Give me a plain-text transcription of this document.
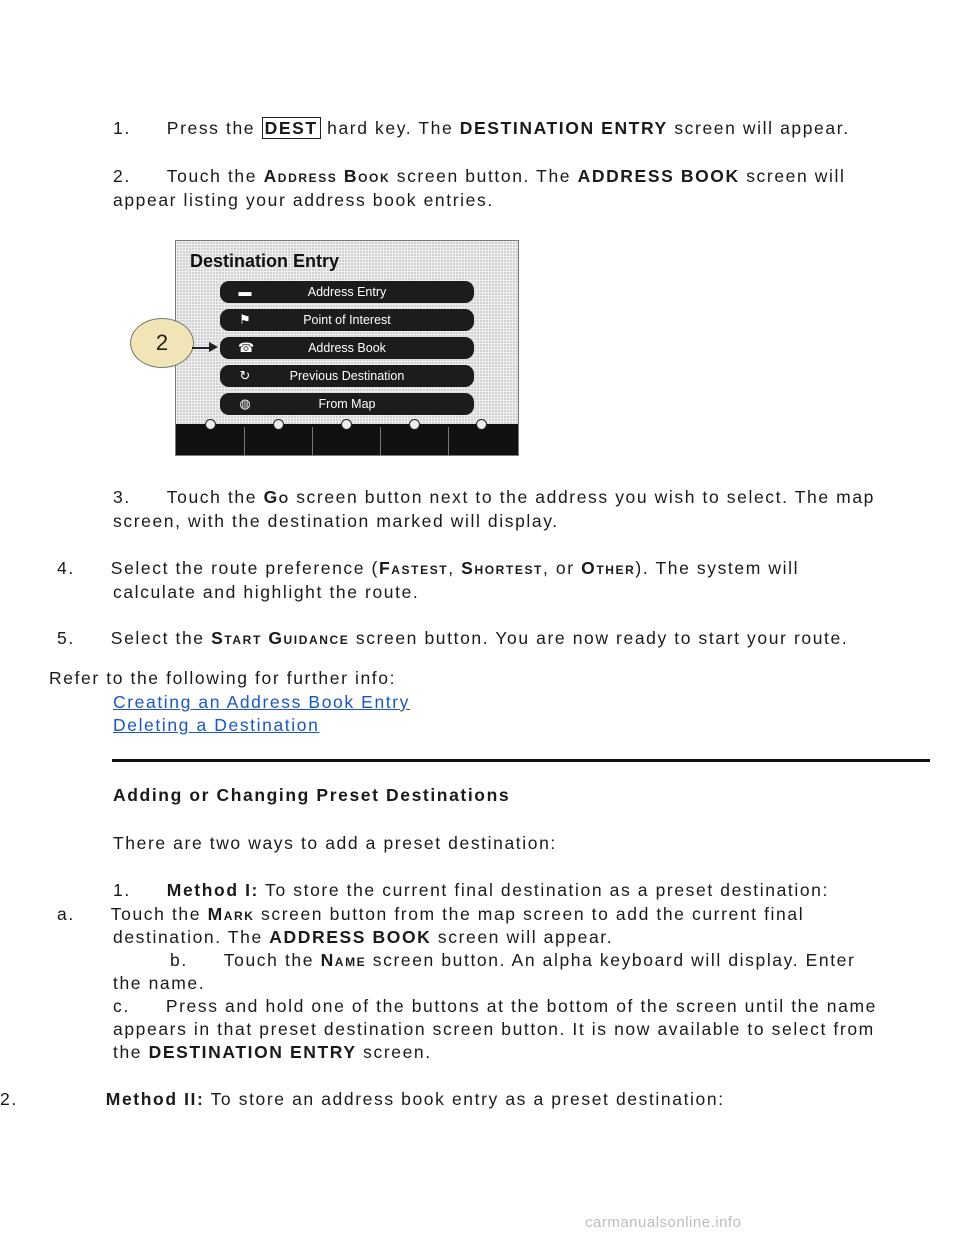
1. Press the DEST hard key. The DESTINATION ENTRY screen will appear.
2. Touch the Address Book screen button. The ADDRESS BOOK screen will
appear listing your address book entries.
Destination Entry
▬	Address Entry
⚑	Point of Interest
☎	Address Book
↻	Previous Destination
◍	From Map
2
3. Touch the Go screen button next to the address you wish to select. The map
screen, with the destination marked will display.
4. Select the route preference (Fastest, Shortest, or Other). The system will
calculate and highlight the route.
5. Select the Start Guidance screen button. You are now ready to start your route.
Refer to the following for further info:
Creating an Address Book Entry
Deleting a Destination
Adding or Changing Preset Destinations
There are two ways to add a preset destination:
1. Method I: To store the current final destination as a preset destination:
a. Touch the Mark screen button from the map screen to add the current final
destination. The ADDRESS BOOK screen will appear.
b. Touch the Name screen button. An alpha keyboard will display. Enter
the name.
c. Press and hold one of the buttons at the bottom of the screen until the name
appears in that preset destination screen button. It is now available to select from
the DESTINATION ENTRY screen.
2.	Method II: To store an address book entry as a preset destination:
carmanualsonline.info
